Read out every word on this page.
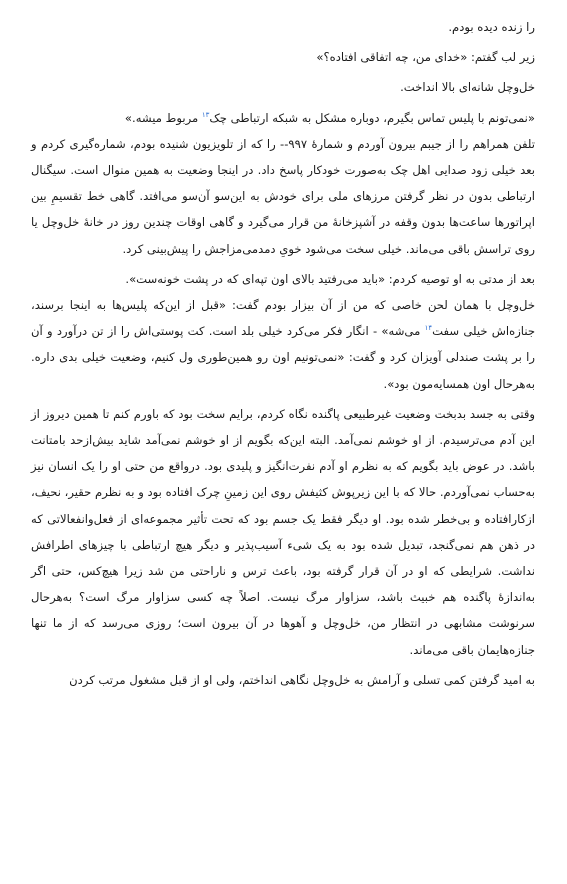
را زنده دیده بودم.

زیر لب گفتم: «خدای من، چه اتفاقی افتاده؟»

خل‌وچل شانه‌ای بالا انداخت.

«نمی‌تونم با پلیس تماس بگیرم، دوباره مشکل به شبکه ارتباطی چک$^{۱۳}$ مربوط میشه.»

تلفن همراهم را از جیبم بیرون آوردم و شمارهٔ ۹۹۷-- را که از تلویزیون شنیده بودم، شماره‌گیری کردم و بعد خیلی زود صدایی اهل چک به‌صورت خودکار پاسخ داد. در اینجا وضعیت به همین منوال است. سیگنال ارتباطی بدون در نظر گرفتن مرزهای ملی برای خودش به این‌سو آن‌سو می‌افتد. گاهی خط تقسیمِ بین اپراتورها ساعت‌ها بدون وقفه در آشپزخانهٔ من قرار می‌گیرد و گاهی اوقات چندین روز در خانهٔ خل‌وچل یا روی تراسش باقی می‌ماند. خیلی سخت می‌شود خویِ دمدمی‌مزاجش را پیش‌بینی کرد.

بعد از مدتی به او توصیه کردم: «باید می‌رفتید بالای اون تپه‌ای که در پشت خونه‌ست».

خل‌وچل با همان لحن خاصی که من از آن بیزار بودم گفت: «قبل از این‌که پلیس‌ها به اینجا برسند، جنازه‌اش خیلی سفت$^{۱۴}$ می‌شه» - انگار فکر می‌کرد خیلی بلد است. کت پوستی‌اش را از تن درآورد و آن را بر پشت صندلی آویزان کرد و گفت: «نمی‌تونیم اون رو همین‌طوری ول کنیم، وضعیت خیلی بدی داره. به‌هرحال اون همسایه‌مون بود».

وقتی به جسد بدبخت وضعیت غیرطبیعی پاگنده نگاه کردم، برایم سخت بود که باورم کنم تا همین دیروز از این آدم می‌ترسیدم. از او خوشم نمی‌آمد. البته این‌که بگویم از او خوشم نمی‌آمد شاید بیش‌ازحد بامتانت باشد. در عوض باید بگویم که به نظرم او آدم نفرت‌انگیز و پلیدی بود. درواقع من حتی او را یک انسان نیز به‌حساب نمی‌آوردم. حالا که با این زیرپوش کثیفش روی این زمینِ چرک افتاده بود و به نظرم حقیر، نحیف، ازکارافتاده و بی‌خطر شده بود. او دیگر فقط یک جسم بود که تحت تأثیر مجموعه‌ای از فعل‌وانفعالاتی که در ذهن هم نمی‌گنجد، تبدیل شده بود به یک شیء آسیب‌پذیر و دیگر هیچ ارتباطی با چیزهای اطرافش نداشت. شرایطی که او در آن قرار گرفته بود، باعث ترس و ناراحتی من شد زیرا هیچ‌کس، حتی اگر به‌اندازهٔ پاگنده هم خبیث باشد، سزاوار مرگ نیست. اصلاً چه کسی سزاوار مرگ است؟ به‌هرحال سرنوشت مشابهی در انتظار من، خل‌وچل و آهوها در آن بیرون است؛ روزی می‌رسد که از ما تنها جنازه‌هایمان باقی می‌ماند.

به امید گرفتن کمی تسلی و آرامش به خل‌وچل نگاهی انداختم، ولی او از قبل مشغول مرتب کردن
